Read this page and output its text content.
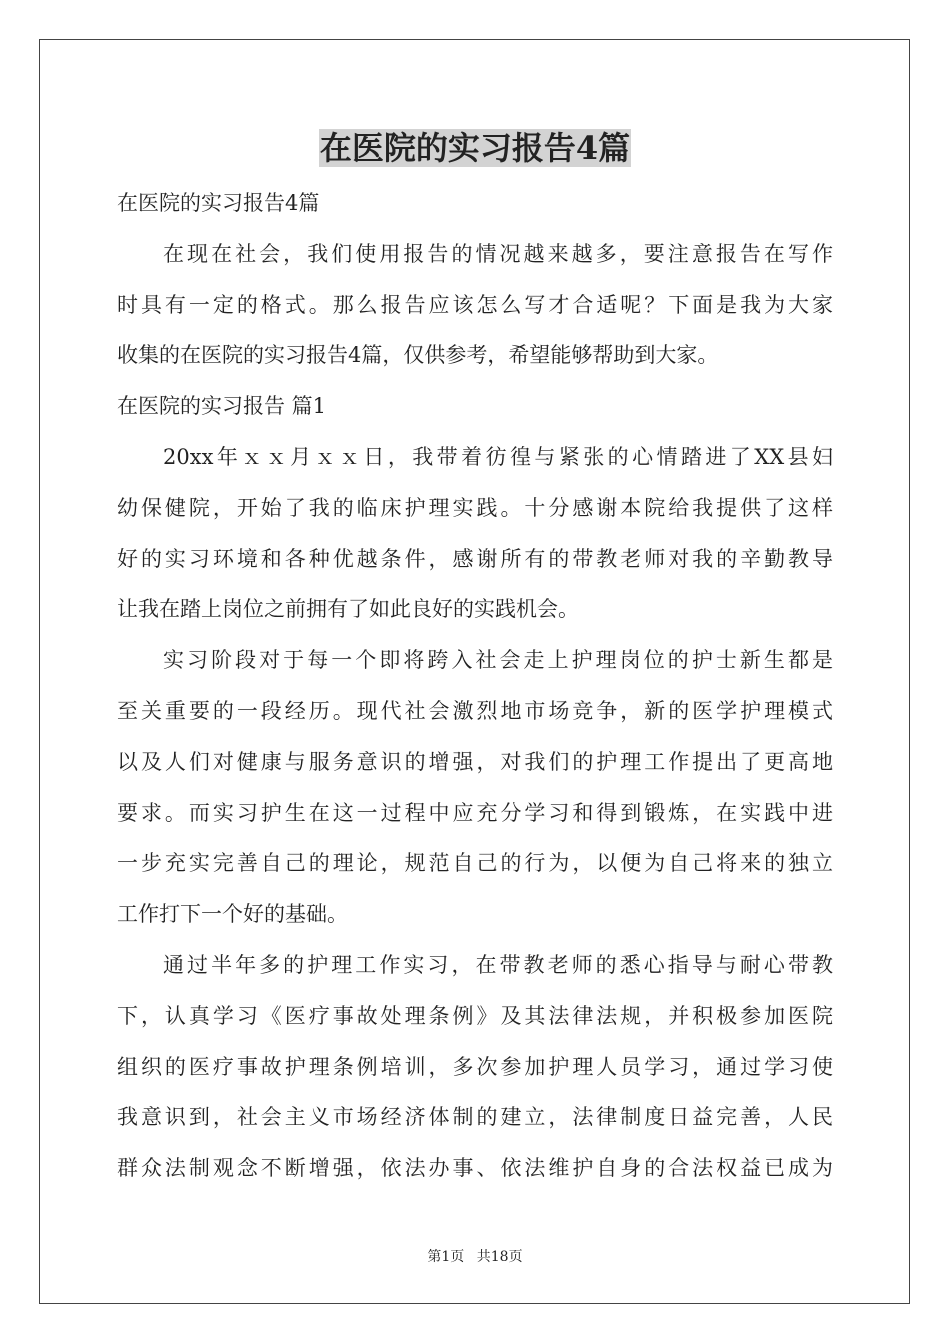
在医院的实习报告4篇
在医院的实习报告4篇
在现在社会，我们使用报告的情况越来越多，要注意报告在写作
时具有一定的格式。那么报告应该怎么写才合适呢？下面是我为大家
收集的在医院的实习报告4篇，仅供参考，希望能够帮助到大家。
在医院的实习报告 篇1
20xx年ｘｘ月ｘｘ日，我带着彷徨与紧张的心情踏进了XX县妇
幼保健院，开始了我的临床护理实践。十分感谢本院给我提供了这样
好的实习环境和各种优越条件，感谢所有的带教老师对我的辛勤教导
让我在踏上岗位之前拥有了如此良好的实践机会。
实习阶段对于每一个即将跨入社会走上护理岗位的护士新生都是
至关重要的一段经历。现代社会激烈地市场竞争，新的医学护理模式
以及人们对健康与服务意识的增强，对我们的护理工作提出了更高地
要求。而实习护生在这一过程中应充分学习和得到锻炼，在实践中进
一步充实完善自己的理论，规范自己的行为，以便为自己将来的独立
工作打下一个好的基础。
通过半年多的护理工作实习，在带教老师的悉心指导与耐心带教
下，认真学习《医疗事故处理条例》及其法律法规，并积极参加医院
组织的医疗事故护理条例培训，多次参加护理人员学习，通过学习使
我意识到，社会主义市场经济体制的建立，法律制度日益完善，人民
群众法制观念不断增强，依法办事、依法维护自身的合法权益已成为
第1页 共18页
